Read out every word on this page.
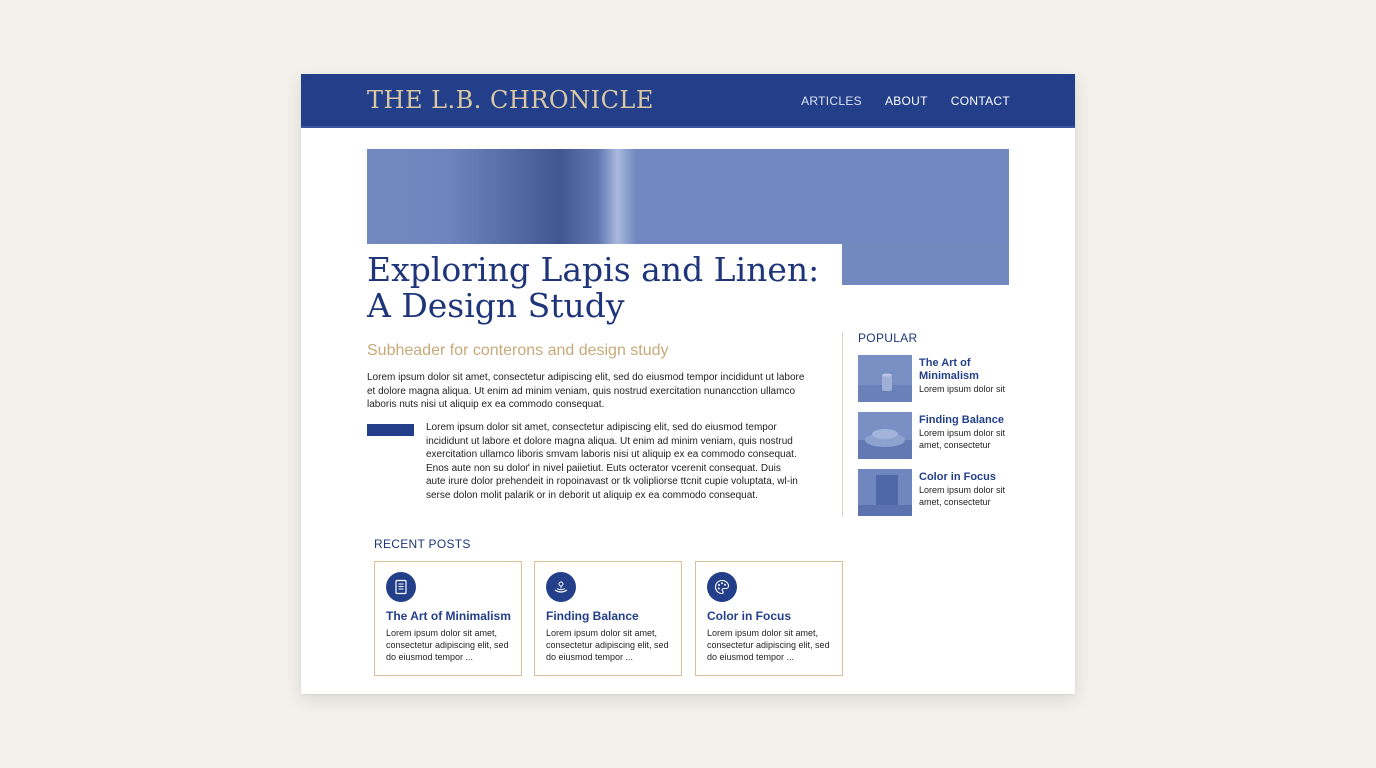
THE L.B. CHRONICLE	ARTICLES ABOUT CONTACT
Exploring Lapis and Linen:
A Design Study
Subheader for conterons and design study

Lorem ipsum dolor sit amet, consectetur adipiscing elit, sed do eiusmod tempor incididunt ut labore et dolore magna aliqua. Ut enim ad minim veniam, quis nostrud exercitation nunancction ullamco laboris nuts nisi ut aliquip ex ea commodo consequat.

Lorem ipsum dolor sit amet, consectetur adipiscing elit, sed do eiusmod tempor incididunt ut labore et dolore magna aliqua. Ut enim ad minim veniam, quis nostrud exercitation ullamco liboris smvam laboris nisi ut aliquip ex ea commodo consequat. Enos aute non su doloґ in nivel paiietiut. Euts octerator vcerenit consequat. Duis aute irure dolor prehendeit in ropoinavast or tk volipliorse ttcnit cupie voluptata, wl-in serse dolon molit palarik or in deborit ut aliquip ex ea commodo consequat.

POPULAR
The Art of
Minimalism
Lorem ipsum dolor sit
Finding Balance
Lorem ipsum dolor sit amet, consectetur
Color in Focus
Lorem ipsum dolor sit amet, consectetur
RECENT POSTS
The Art of Minimalism

Lorem ipsum dolor sit amet, consectetur adipiscing elit, sed do eiusmod tempor ...

Finding Balance

Lorem ipsum dolor sit amet, consectetur adipiscing elit, sed do eiusmod tempor ...

Color in Focus

Lorem ipsum dolor sit amet, consectetur adipiscing elit, sed do eiusmod tempor ...
